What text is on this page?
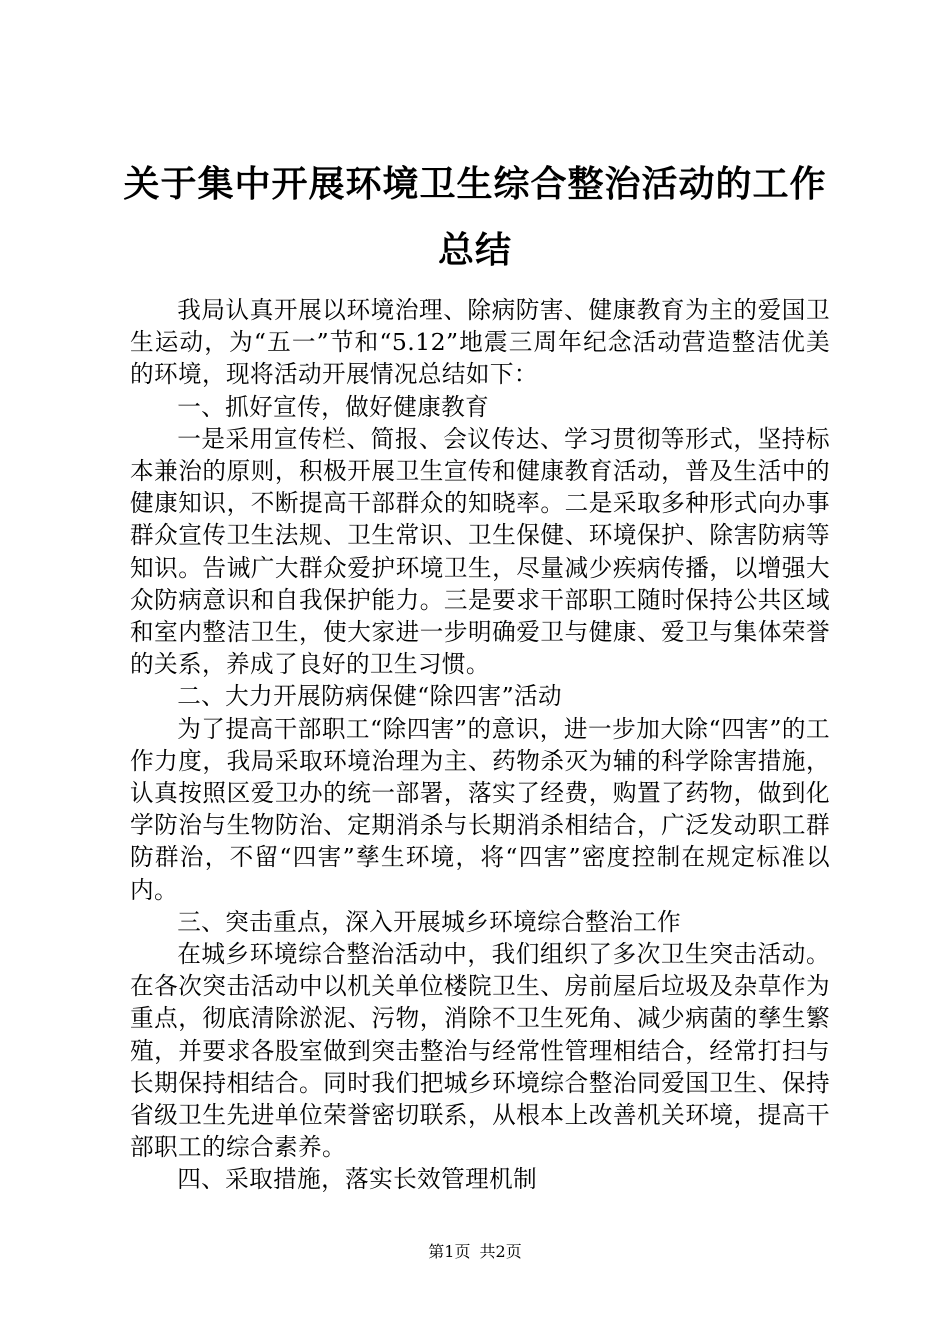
关于集中开展环境卫生综合整治活动的工作总结

我局认真开展以环境治理、除病防害、健康教育为主的爱国卫生运动，为“五一”节和“5.12”地震三周年纪念活动营造整洁优美的环境，现将活动开展情况总结如下：

一、抓好宣传，做好健康教育

一是采用宣传栏、简报、会议传达、学习贯彻等形式，坚持标本兼治的原则，积极开展卫生宣传和健康教育活动，普及生活中的健康知识，不断提高干部群众的知晓率。二是采取多种形式向办事群众宣传卫生法规、卫生常识、卫生保健、环境保护、除害防病等知识。告诫广大群众爱护环境卫生，尽量减少疾病传播，以增强大众防病意识和自我保护能力。三是要求干部职工随时保持公共区域和室内整洁卫生，使大家进一步明确爱卫与健康、爱卫与集体荣誉的关系，养成了良好的卫生习惯。

二、大力开展防病保健“除四害”活动

为了提高干部职工“除四害”的意识，进一步加大除“四害”的工作力度，我局采取环境治理为主、药物杀灭为辅的科学除害措施，认真按照区爱卫办的统一部署，落实了经费，购置了药物，做到化学防治与生物防治、定期消杀与长期消杀相结合，广泛发动职工群防群治，不留“四害”孳生环境，将“四害”密度控制在规定标准以内。

三、突击重点，深入开展城乡环境综合整治工作

在城乡环境综合整治活动中，我们组织了多次卫生突击活动。在各次突击活动中以机关单位楼院卫生、房前屋后垃圾及杂草作为重点，彻底清除淤泥、污物，消除不卫生死角、减少病菌的孳生繁殖，并要求各股室做到突击整治与经常性管理相结合，经常打扫与长期保持相结合。同时我们把城乡环境综合整治同爱国卫生、保持省级卫生先进单位荣誉密切联系，从根本上改善机关环境，提高干部职工的综合素养。

四、采取措施，落实长效管理机制

第1页 共2页
